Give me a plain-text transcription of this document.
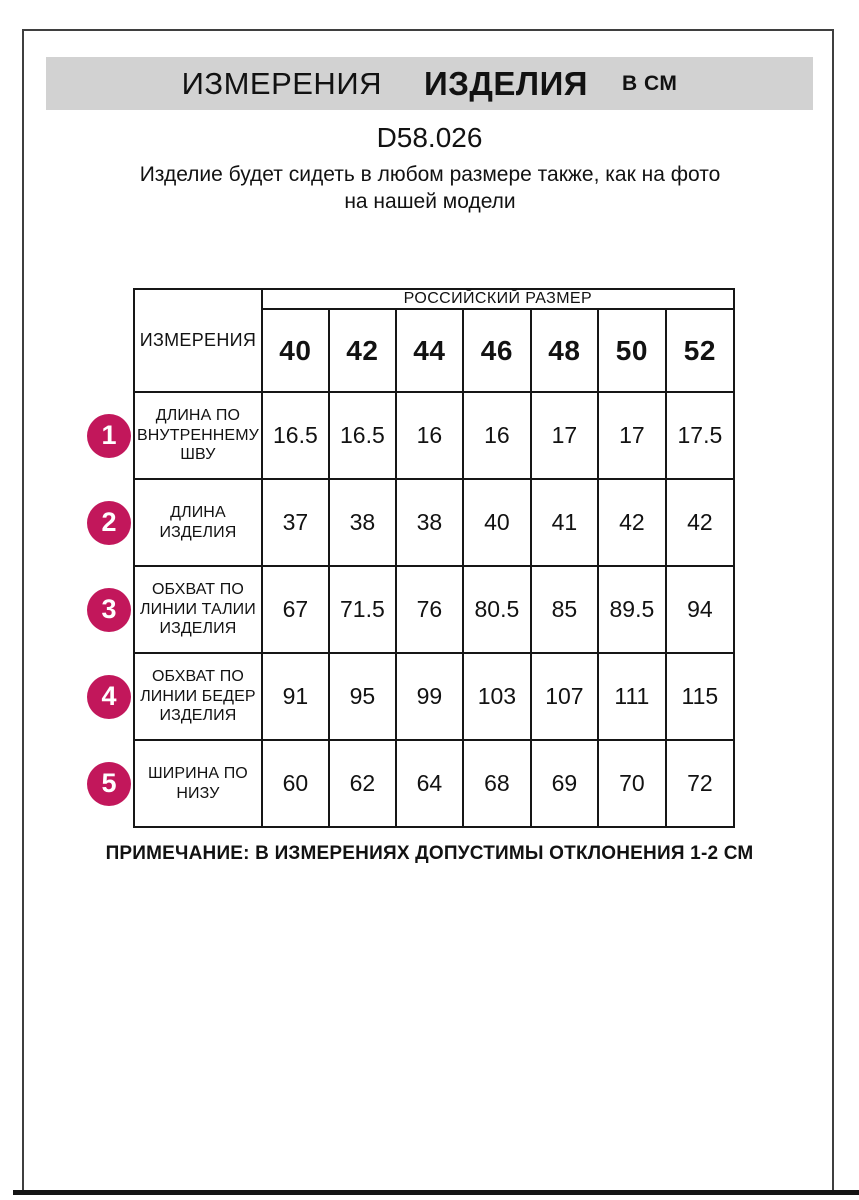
ИЗМЕРЕНИЯ ИЗДЕЛИЯ В СМ
D58.026
Изделие будет сидеть в любом размере также, как на фото на нашей модели
ИЗМЕРЕНИЯ	РОССИЙСКИЙ РАЗМЕР						
	40	42	44	46	48	50	52

1
ДЛИНА ПО ВНУТРЕННЕМУ ШВУ	16.5	16.5	16	16	17	17	17.5

2 ДЛИНА ИЗДЕЛИЯ	37	38	38	40	41	42	42

3
ОБХВАТ ПО ЛИНИИ ТАЛИИ ИЗДЕЛИЯ	67	71.5	76	80.5	85	89.5	94

4
ОБХВАТ ПО ЛИНИИ БЕДЕР ИЗДЕЛИЯ	91	95	99	103	107	111	115

5 ШИРИНА ПО НИЗУ	60	62	64	68	69	70	72
ПРИМЕЧАНИЕ: В ИЗМЕРЕНИЯХ ДОПУСТИМЫ ОТКЛОНЕНИЯ 1-2 СМ
